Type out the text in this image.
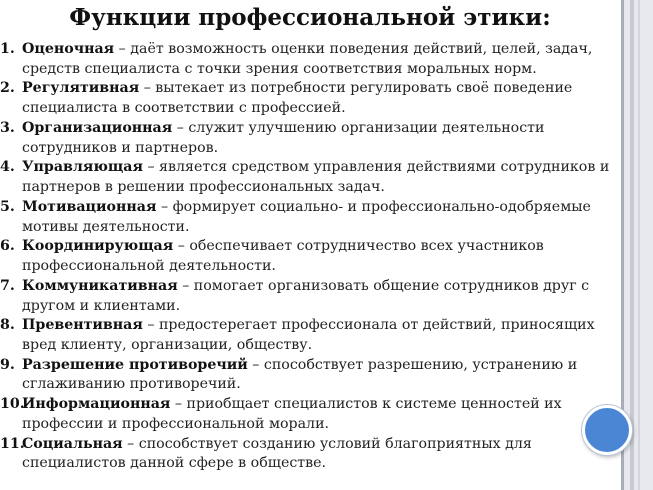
Функции профессиональной этики:
1. Оценочная – даёт возможность оценки поведения действий, целей, задач, средств специалиста с точки зрения соответствия моральных норм.
2. Регулятивная – вытекает из потребности регулировать своё поведение специалиста в соответствии с профессией.
3. Организационная – служит улучшению организации деятельности сотрудников и партнеров.
4. Управляющая – является средством управления действиями сотрудников и партнеров в решении профессиональных задач.
5. Мотивационная – формирует социально- и профессионально-одобряемые мотивы деятельности.
6. Координирующая – обеспечивает сотрудничество всех участников профессиональной деятельности.
7. Коммуникативная – помогает организовать общение сотрудников друг с другом и клиентами.
8. Превентивная – предостерегает профессионала от действий, приносящих вред клиенту, организации, обществу.
9. Разрешение противоречий – способствует разрешению, устранению и сглаживанию противоречий.
10.
Информационная – приобщает специалистов к системе ценностей их профессии и профессиональной морали.
11.
Социальная – способствует созданию условий благоприятных для специалистов данной сфере в обществе.
